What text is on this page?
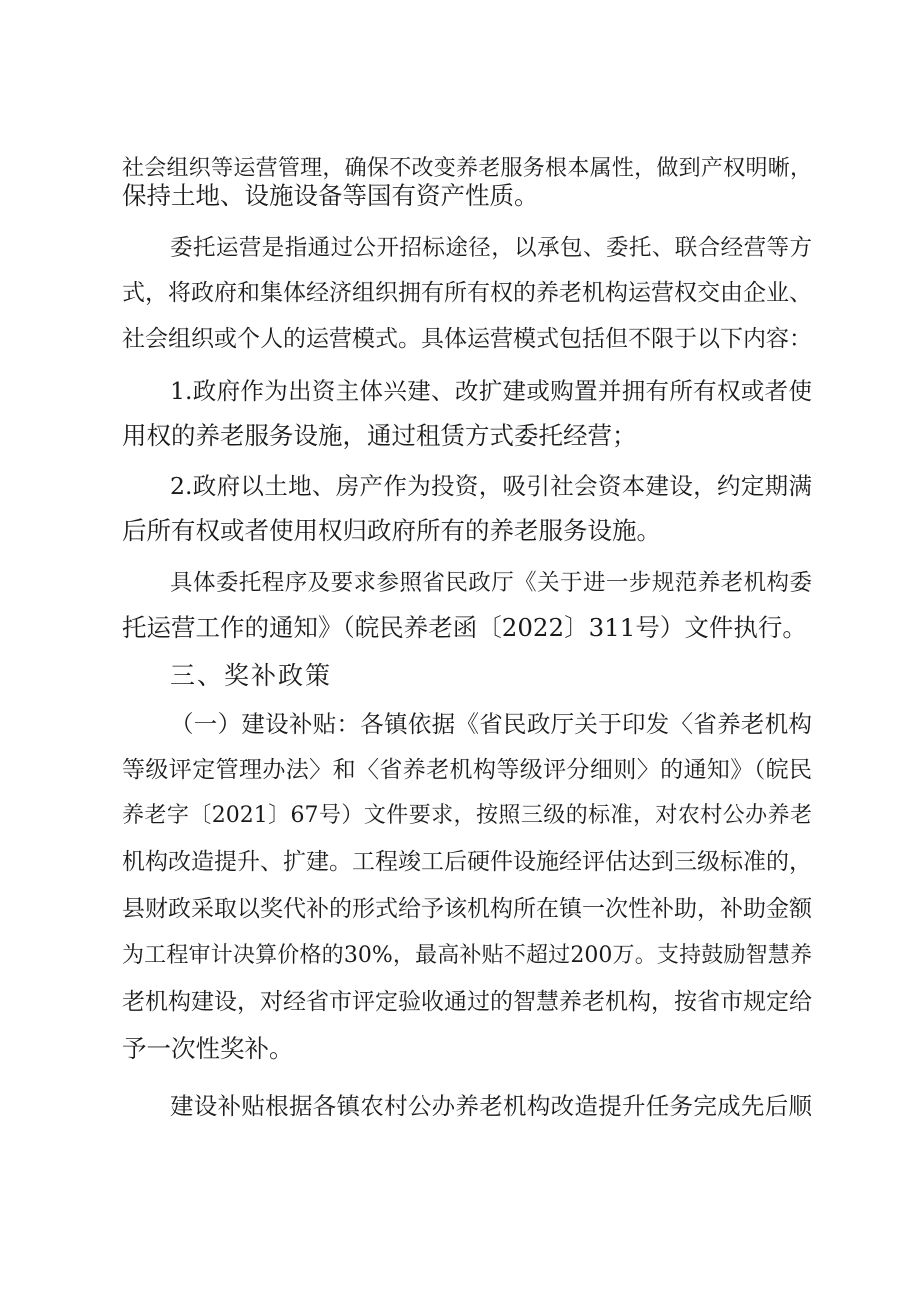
社会组织等运营管理，确保不改变养老服务根本属性，做到产权明晰，
保持土地、设施设备等国有资产性质。
委托运营是指通过公开招标途径，以承包、委托、联合经营等方
式，将政府和集体经济组织拥有所有权的养老机构运营权交由企业、
社会组织或个人的运营模式。具体运营模式包括但不限于以下内容：
1.政府作为出资主体兴建、改扩建或购置并拥有所有权或者使
用权的养老服务设施，通过租赁方式委托经营；
2.政府以土地、房产作为投资，吸引社会资本建设，约定期满
后所有权或者使用权归政府所有的养老服务设施。
具体委托程序及要求参照省民政厅《关于进一步规范养老机构委
托运营工作的通知》（皖民养老函〔2022〕311号）文件执行。
三、奖补政策
（一）建设补贴：各镇依据《省民政厅关于印发〈省养老机构
等级评定管理办法〉和〈省养老机构等级评分细则〉的通知》（皖民
养老字〔2021〕67号）文件要求，按照三级的标准，对农村公办养老
机构改造提升、扩建。工程竣工后硬件设施经评估达到三级标准的，
县财政采取以奖代补的形式给予该机构所在镇一次性补助，补助金额
为工程审计决算价格的30%，最高补贴不超过200万。支持鼓励智慧养
老机构建设，对经省市评定验收通过的智慧养老机构，按省市规定给
予一次性奖补。
建设补贴根据各镇农村公办养老机构改造提升任务完成先后顺
